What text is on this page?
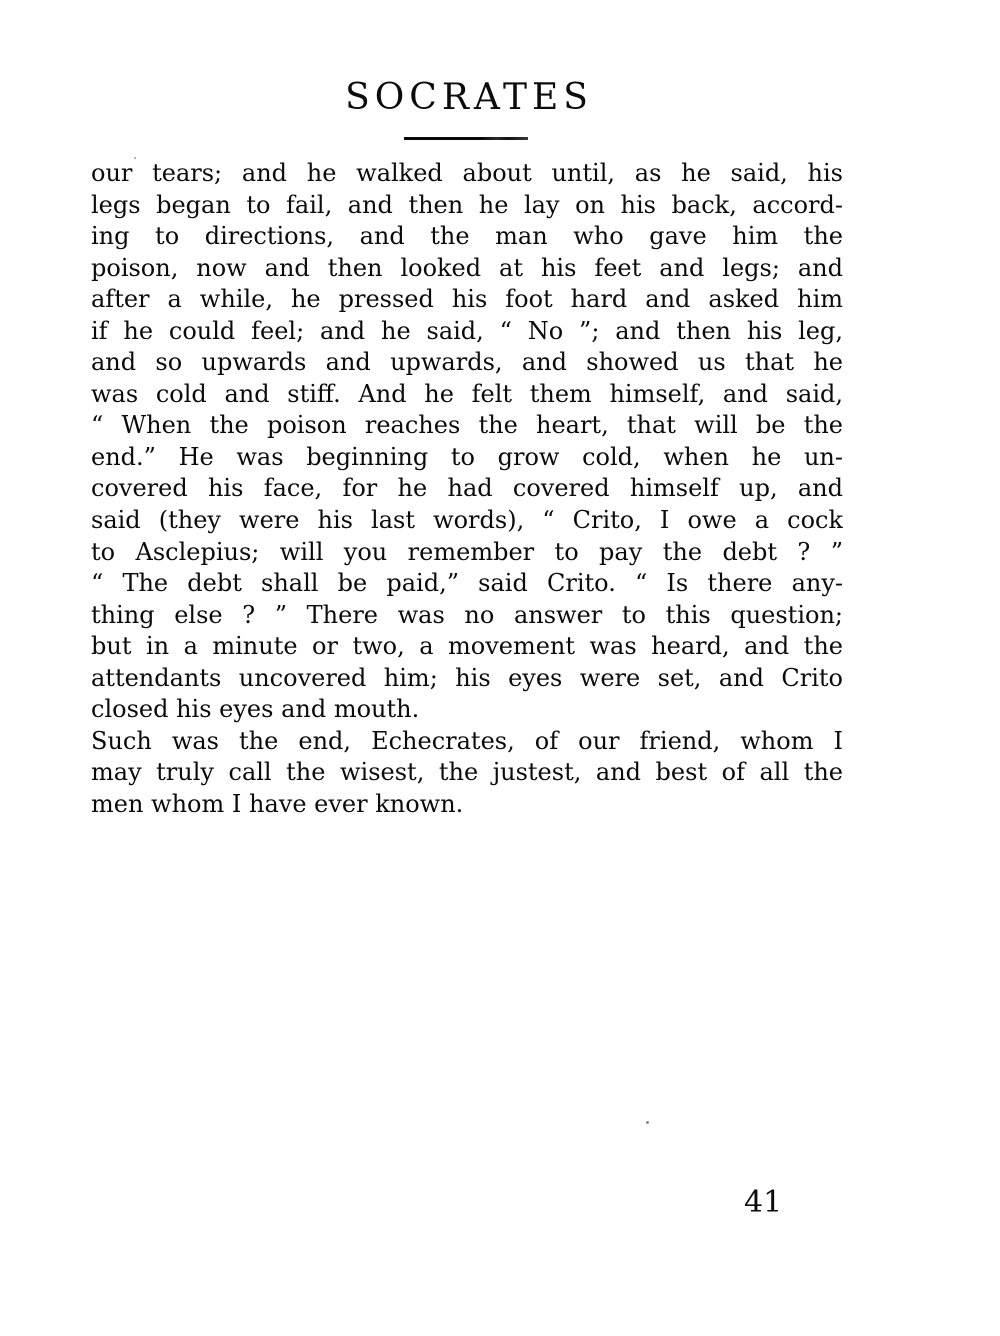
SOCRATES
our tears; and he walked about until, as he said, his
legs began to fail, and then he lay on his back, accord-
ing to directions, and the man who gave him the
poison, now and then looked at his feet and legs; and
after a while, he pressed his foot hard and asked him
if he could feel; and he said, “ No ”; and then his leg,
and so upwards and upwards, and showed us that he
was cold and stiff. And he felt them himself, and said,
“ When the poison reaches the heart, that will be the
end.” He was beginning to grow cold, when he un-
covered his face, for he had covered himself up, and
said (they were his last words), “ Crito, I owe a cock
to Asclepius; will you remember to pay the debt ? ”
“ The debt shall be paid,” said Crito. “ Is there any-
thing else ? ” There was no answer to this question;
but in a minute or two, a movement was heard, and the
attendants uncovered him; his eyes were set, and Crito
closed his eyes and mouth.
Such was the end, Echecrates, of our friend, whom I
may truly call the wisest, the justest, and best of all the
men whom I have ever known.
41
